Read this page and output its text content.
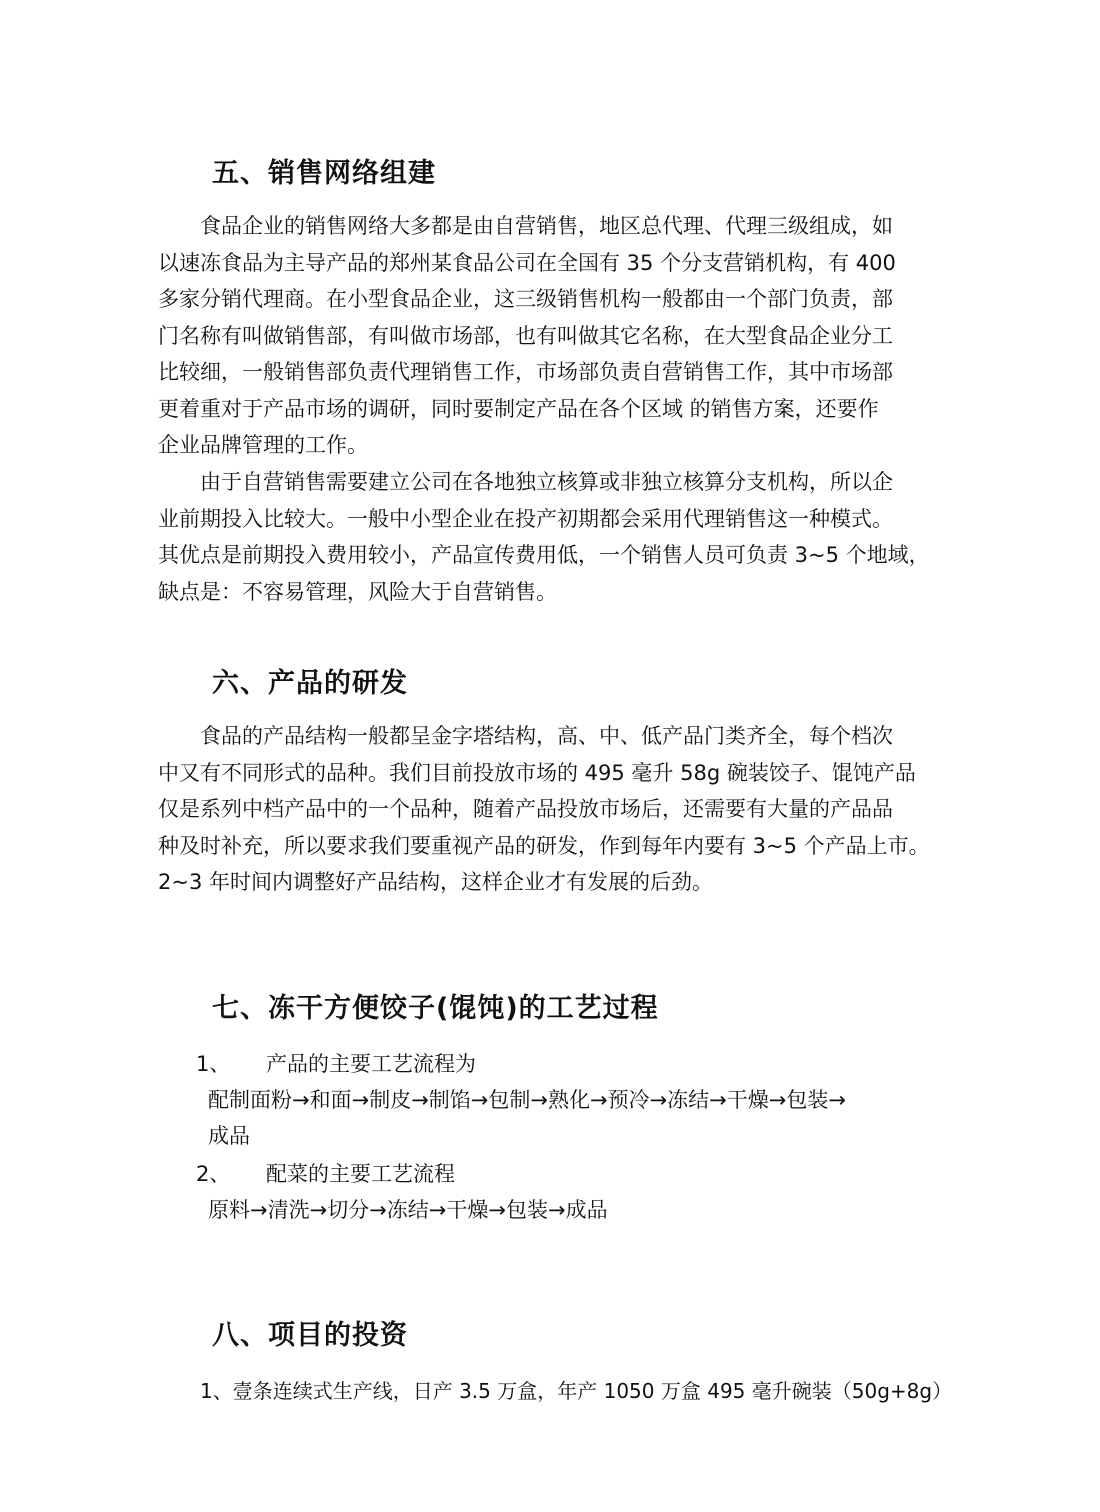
五、销售网络组建
食品企业的销售网络大多都是由自营销售，地区总代理、代理三级组成，如
以速冻食品为主导产品的郑州某食品公司在全国有 35 个分支营销机构，有 400
多家分销代理商。在小型食品企业，这三级销售机构一般都由一个部门负责，部
门名称有叫做销售部，有叫做市场部，也有叫做其它名称，在大型食品企业分工
比较细，一般销售部负责代理销售工作，市场部负责自营销售工作，其中市场部
更着重对于产品市场的调研，同时要制定产品在各个区域 的销售方案，还要作
企业品牌管理的工作。
由于自营销售需要建立公司在各地独立核算或非独立核算分支机构，所以企
业前期投入比较大。一般中小型企业在投产初期都会采用代理销售这一种模式。
其优点是前期投入费用较小，产品宣传费用低，一个销售人员可负责 3~5 个地域，
缺点是：不容易管理，风险大于自营销售。
六、产品的研发
食品的产品结构一般都呈金字塔结构，高、中、低产品门类齐全，每个档次
中又有不同形式的品种。我们目前投放市场的 495 毫升 58g 碗装饺子、馄饨产品
仅是系列中档产品中的一个品种，随着产品投放市场后，还需要有大量的产品品
种及时补充，所以要求我们要重视产品的研发，作到每年内要有 3~5 个产品上市。
2~3 年时间内调整好产品结构，这样企业才有发展的后劲。
七、冻干方便饺子(馄饨)的工艺过程
1、 产品的主要工艺流程为
配制面粉→和面→制皮→制馅→包制→熟化→预冷→冻结→干燥→包装→
成品
2、 配菜的主要工艺流程
原料→清洗→切分→冻结→干燥→包装→成品
八、项目的投资
1、壹条连续式生产线，日产 3.5 万盒，年产 1050 万盒 495 毫升碗装（50g+8g）
